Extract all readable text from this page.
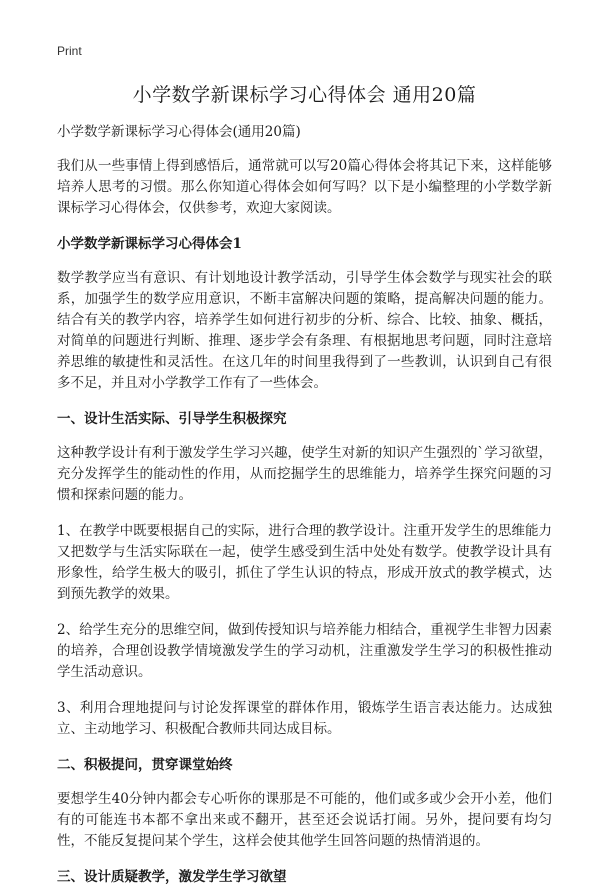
Print
小学数学新课标学习心得体会 通用20篇

小学数学新课标学习心得体会(通用20篇)

我们从一些事情上得到感悟后，通常就可以写20篇心得体会将其记下来，这样能够培养人思考的习惯。那么你知道心得体会如何写吗？以下是小编整理的小学数学新课标学习心得体会，仅供参考，欢迎大家阅读。

小学数学新课标学习心得体会1

数学教学应当有意识、有计划地设计教学活动，引导学生体会数学与现实社会的联系，加强学生的数学应用意识，不断丰富解决问题的策略，提高解决问题的能力。结合有关的教学内容，培养学生如何进行初步的分析、综合、比较、抽象、概括，对简单的问题进行判断、推理、逐步学会有条理、有根据地思考问题，同时注意培养思维的敏捷性和灵活性。在这几年的时间里我得到了一些教训，认识到自己有很多不足，并且对小学教学工作有了一些体会。

一、设计生活实际、引导学生积极探究

这种教学设计有利于激发学生学习兴趣，使学生对新的知识产生强烈的`学习欲望，充分发挥学生的能动性的作用，从而挖掘学生的思维能力，培养学生探究问题的习惯和探索问题的能力。

1、在教学中既要根据自己的实际，进行合理的教学设计。注重开发学生的思维能力又把数学与生活实际联在一起，使学生感受到生活中处处有数学。使教学设计具有形象性，给学生极大的吸引，抓住了学生认识的特点，形成开放式的教学模式，达到预先教学的效果。

2、给学生充分的思维空间，做到传授知识与培养能力相结合，重视学生非智力因素的培养，合理创设教学情境激发学生的学习动机，注重激发学生学习的积极性推动学生活动意识。

3、利用合理地提问与讨论发挥课堂的群体作用，锻炼学生语言表达能力。达成独立、主动地学习、积极配合教师共同达成目标。

二、积极提问，贯穿课堂始终

要想学生40分钟内都会专心听你的课那是不可能的，他们或多或少会开小差，他们有的可能连书本都不拿出来或不翻开，甚至还会说话打闹。另外，提问要有均匀性，不能反复提问某个学生，这样会使其他学生回答问题的热情消退的。

三、设计质疑教学，激发学生学习欲望
